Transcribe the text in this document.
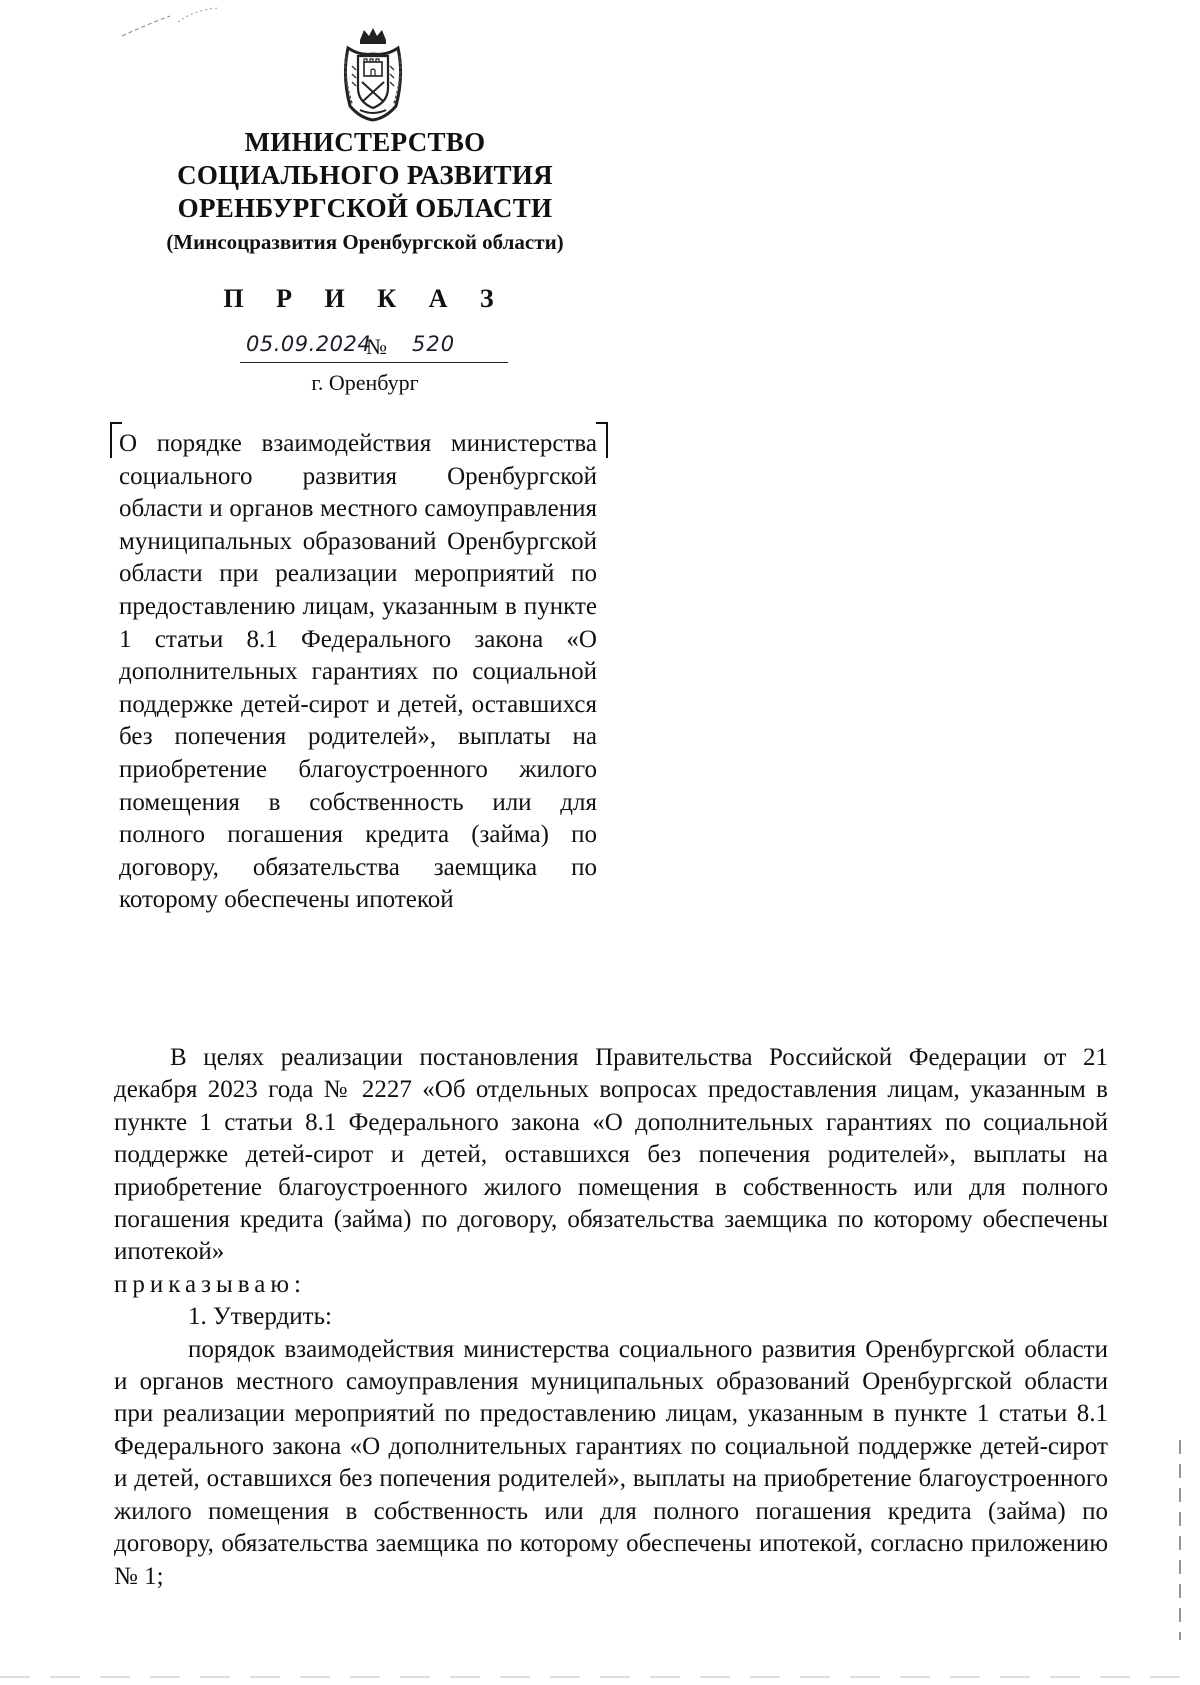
МИНИСТЕРСТВО
СОЦИАЛЬНОГО РАЗВИТИЯ
ОРЕНБУРГСКОЙ ОБЛАСТИ
(Минсоцразвития Оренбургской области)
П Р И К А З
05.09.2024
№ 520
г. Оренбург
О порядке взаимодействия министерства социального развития Оренбургской области и органов местного самоуправления муниципальных образований Оренбургской области при реализации мероприятий по предоставлению лицам, указанным в пункте 1 статьи 8.1 Федерального закона «О дополнительных гарантиях по социальной поддержке детей-сирот и детей, оставшихся без попечения родителей», выплаты на приобретение благоустроенного жилого помещения в собственность или для полного погашения кредита (займа) по договору, обязательства заемщика по которому обеспечены ипотекой

В целях реализации постановления Правительства Российской Федерации от 21 декабря 2023 года № 2227 «Об отдельных вопросах предоставления лицам, указанным в пункте 1 статьи 8.1 Федерального закона «О дополнительных гарантиях по социальной поддержке детей-сирот и детей, оставшихся без попечения родителей», выплаты на приобретение благоустроенного жилого помещения в собственность или для полного погашения кредита (займа) по договору, обязательства заемщика по которому обеспечены ипотекой»

приказываю:

1. Утвердить:

порядок взаимодействия министерства социального развития Оренбургской области и органов местного самоуправления муниципальных образований Оренбургской области при реализации мероприятий по предоставлению лицам, указанным в пункте 1 статьи 8.1 Федерального закона «О дополнительных гарантиях по социальной поддержке детей-сирот и детей, оставшихся без попечения родителей», выплаты на приобретение благоустроенного жилого помещения в собственность или для полного погашения кредита (займа) по договору, обязательства заемщика по которому обеспечены ипотекой, согласно приложению № 1;
